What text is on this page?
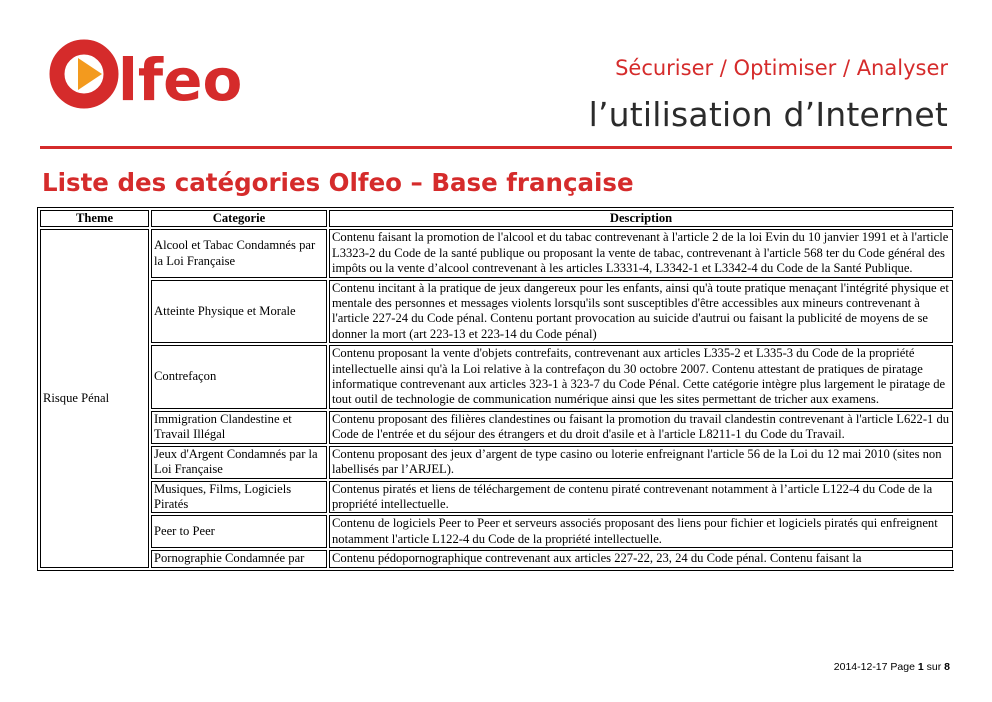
lfeo	Sécuriser / Optimiser / Analyser
l’utilisation d’Internet
Liste des catégories Olfeo – Base française
Theme	Categorie	Description
Risque Pénal	Alcool et Tabac Condamnés par la Loi Française	Contenu faisant la promotion de l'alcool et du tabac contrevenant à l'article 2 de la loi Evin du 10 janvier 1991 et à l'article L3323-2 du Code de la santé publique ou proposant la vente de tabac, contrevenant à l'article 568 ter du Code général des impôts ou la vente d’alcool contrevenant à les articles L3331-4, L3342-1 et L3342-4 du Code de la Santé Publique.
	Atteinte Physique et Morale	Contenu incitant à la pratique de jeux dangereux pour les enfants, ainsi qu'à toute pratique menaçant l'intégrité physique et mentale des personnes et messages violents lorsqu'ils sont susceptibles d'être accessibles aux mineurs contrevenant à l'article 227-24 du Code pénal. Contenu portant provocation au suicide d'autrui ou faisant la publicité de moyens de se donner la mort (art 223-13 et 223-14 du Code pénal)
	Contrefaçon	Contenu proposant la vente d'objets contrefaits, contrevenant aux articles L335-2 et L335-3 du Code de la propriété intellectuelle ainsi qu'à la Loi relative à la contrefaçon du 30 octobre 2007. Contenu attestant de pratiques de piratage informatique contrevenant aux articles 323-1 à 323-7 du Code Pénal. Cette catégorie intègre plus largement le piratage de tout outil de technologie de communication numérique ainsi que les sites permettant de tricher aux examens.
	Immigration Clandestine et Travail Illégal	Contenu proposant des filières clandestines ou faisant la promotion du travail clandestin contrevenant à l'article L622-1 du Code de l'entrée et du séjour des étrangers et du droit d'asile et à l'article L8211-1 du Code du Travail.
	Jeux d'Argent Condamnés par la Loi Française	Contenu proposant des jeux d’argent de type casino ou loterie enfreignant l'article 56 de la Loi du 12 mai 2010 (sites non labellisés par l’ARJEL).
	Musiques, Films, Logiciels Piratés	Contenus piratés et liens de téléchargement de contenu piraté contrevenant notamment à l’article L122-4 du Code de la propriété intellectuelle.
	Peer to Peer	Contenu de logiciels Peer to Peer et serveurs associés proposant des liens pour fichier et logiciels piratés qui enfreignent notamment l'article L122-4 du Code de la propriété intellectuelle.
	Pornographie Condamnée par	Contenu pédopornographique contrevenant aux articles 227-22, 23, 24 du Code pénal. Contenu faisant la
2014-12-17 Page 1 sur 8
